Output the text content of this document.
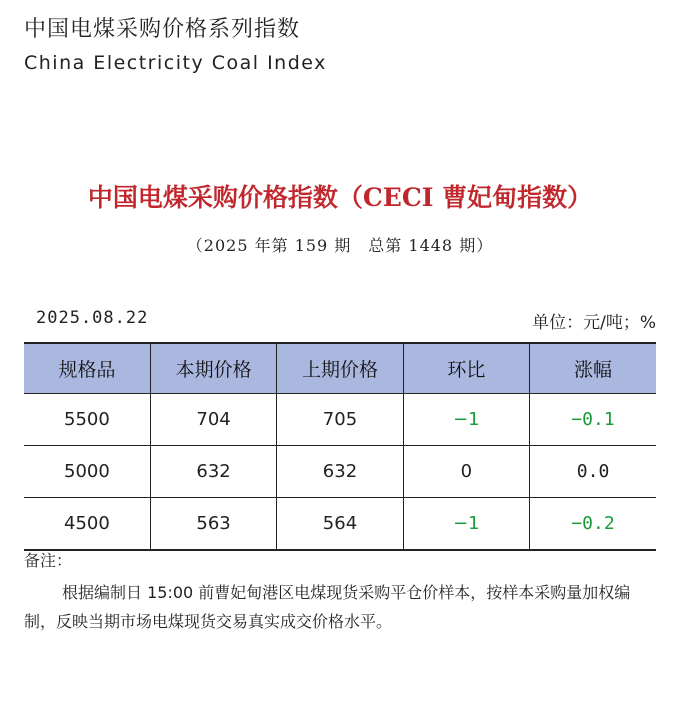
中国电煤采购价格系列指数
China Electricity Coal Index
中国电煤采购价格指数（CECI 曹妃甸指数）
（2025 年第 159 期　总第 1448 期）
2025.08.22	单位：元/吨；%
规格品	本期价格	上期价格	环比	涨幅
5500	704	705	−1	−0.1
5000	632	632	0	0.0
4500	563	564	−1	−0.2
备注：
根据编制日 15:00 前曹妃甸港区电煤现货采购平仓价样本，按样本采购量加权编制，反映当期市场电煤现货交易真实成交价格水平。
